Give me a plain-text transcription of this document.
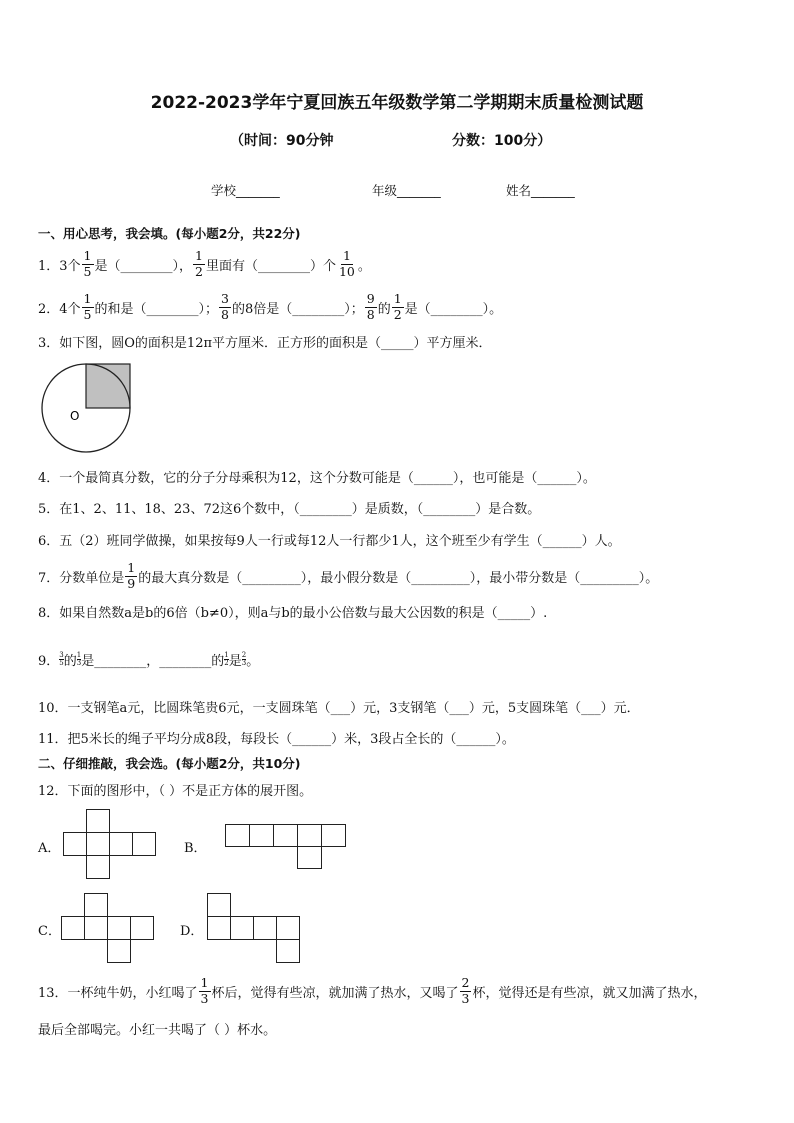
2022-2023学年宁夏回族五年级数学第二学期期末质量检测试题
（时间：90分钟	分数：100分）
学校_______	年级_______	姓名_______
一、用心思考，我会填。(每小题2分，共22分)
1．3个 $\frac{1}{5}$ 是（________）， $\frac{1}{2}$ 里面有（________）个 $\frac{1}{10}$ 。
2．4个 $\frac{1}{5}$ 的和是（________）； $\frac{3}{8}$ 的8倍是（________）； $\frac{9}{8}$ 的 $\frac{1}{2}$ 是（________）。
3．如下图，圆O的面积是12π平方厘米．正方形的面积是（_____）平方厘米．
O
4．一个最简真分数，它的分子分母乘积为12，这个分数可能是（______），也可能是（______）。
5．在1、2、11、18、23、72这6个数中，（________）是质数，（________）是合数。
6．五（2）班同学做操，如果按每9人一行或每12人一行都少1人，这个班至少有学生（______）人。
7．分数单位是 $\frac{1}{9}$ 的最大真分数是（_________），最小假分数是（_________），最小带分数是（_________）。
8．如果自然数a是b的6倍（b≠0），则a与b的最小公倍数与最大公因数的积是（_____）.
9． $\frac{3}{5}$ 的 $\frac{1}{3}$ 是________，________的 $\frac{1}{2}$ 是 $\frac{2}{3}$ 。
10．一支钢笔a元，比圆珠笔贵6元，一支圆珠笔（___）元，3支钢笔（___）元，5支圆珠笔（___）元．
11．把5米长的绳子平均分成8段，每段长（______）米，3段占全长的（______）。
二、仔细推敲，我会选。(每小题2分，共10分)
12．下面的图形中，（ ）不是正方体的展开图。
A．	B．
C．	D．
13．一杯纯牛奶，小红喝了 $\frac{1}{3}$ 杯后，觉得有些凉，就加满了热水，又喝了 $\frac{2}{3}$ 杯，觉得还是有些凉，就又加满了热水，
最后全部喝完。小红一共喝了（ ）杯水。
